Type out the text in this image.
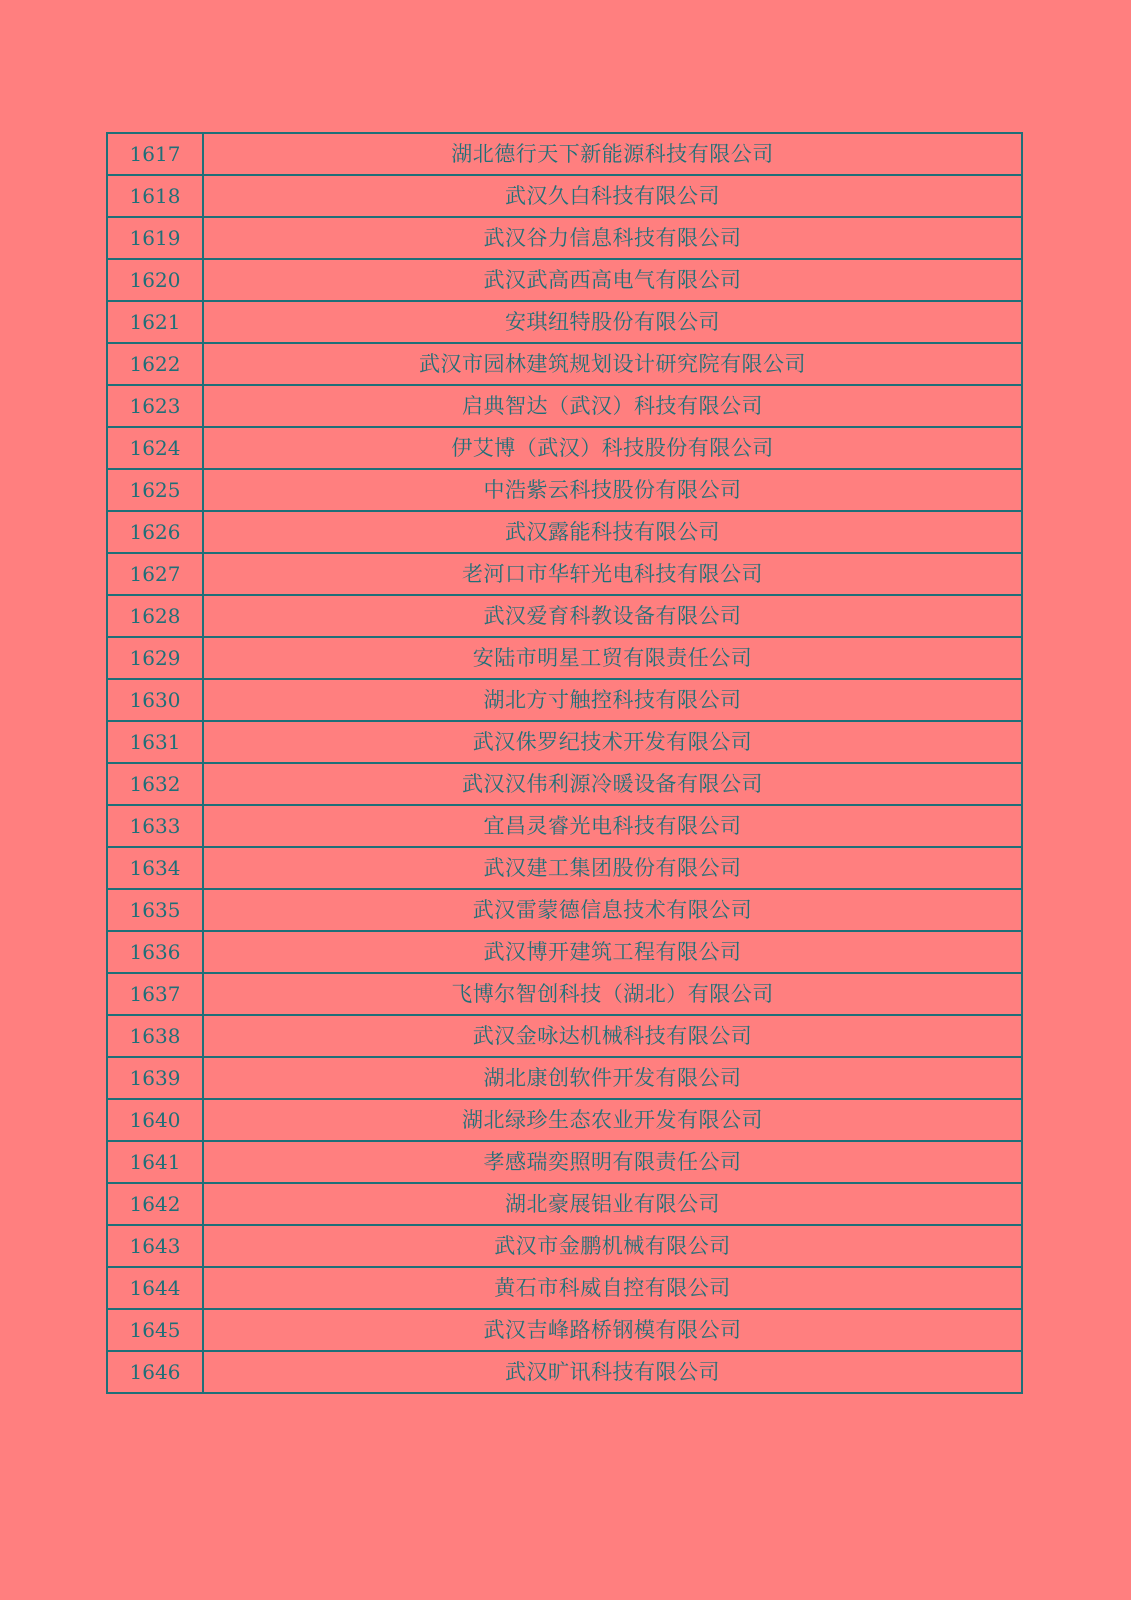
1617	湖北德行天下新能源科技有限公司
1618	武汉久白科技有限公司
1619	武汉谷力信息科技有限公司
1620	武汉武高西高电气有限公司
1621	安琪纽特股份有限公司
1622	武汉市园林建筑规划设计研究院有限公司
1623	启典智达（武汉）科技有限公司
1624	伊艾博（武汉）科技股份有限公司
1625	中浩紫云科技股份有限公司
1626	武汉露能科技有限公司
1627	老河口市华轩光电科技有限公司
1628	武汉爱育科教设备有限公司
1629	安陆市明星工贸有限责任公司
1630	湖北方寸触控科技有限公司
1631	武汉侏罗纪技术开发有限公司
1632	武汉汉伟利源冷暖设备有限公司
1633	宜昌灵睿光电科技有限公司
1634	武汉建工集团股份有限公司
1635	武汉雷蒙德信息技术有限公司
1636	武汉博开建筑工程有限公司
1637	飞博尔智创科技（湖北）有限公司
1638	武汉金咏达机械科技有限公司
1639	湖北康创软件开发有限公司
1640	湖北绿珍生态农业开发有限公司
1641	孝感瑞奕照明有限责任公司
1642	湖北豪展铝业有限公司
1643	武汉市金鹏机械有限公司
1644	黄石市科威自控有限公司
1645	武汉吉峰路桥钢模有限公司
1646	武汉旷讯科技有限公司
